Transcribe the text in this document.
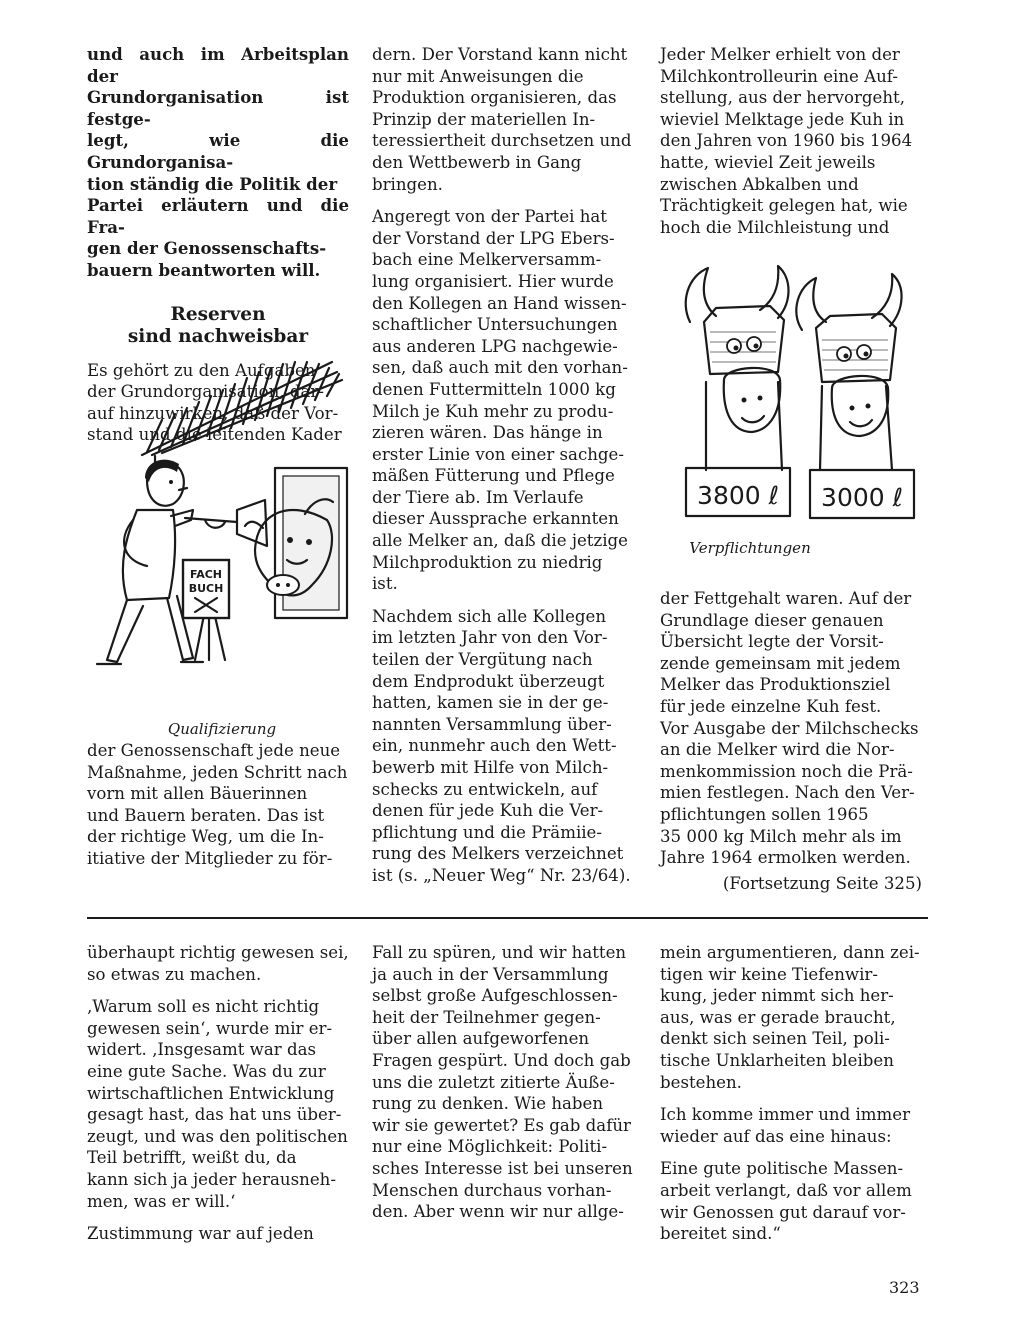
und auch im Arbeitsplan der
Grundorganisation ist festge-
legt, wie die Grundorganisa-
tion ständig die Politik der
Partei erläutern und die Fra-
gen der Genossenschafts-
bauern beantworten will.

Reserven
sind nachweisbar

Es gehört zu den Aufgaben
der Grundorganisation, dar-
auf hinzuwirken, daß der Vor-
stand und die leitenden Kader

FACH
BUCH
Qualifizierung

der Genossenschaft jede neue
Maßnahme, jeden Schritt nach
vorn mit allen Bäuerinnen
und Bauern beraten. Das ist
der richtige Weg, um die In-
itiative der Mitglieder zu för-

dern. Der Vorstand kann nicht
nur mit Anweisungen die
Produktion organisieren, das
Prinzip der materiellen In-
teressiertheit durchsetzen und
den Wettbewerb in Gang
bringen.

Angeregt von der Partei hat
der Vorstand der LPG Ebers-
bach eine Melkerversamm-
lung organisiert. Hier wurde
den Kollegen an Hand wissen-
schaftlicher Untersuchungen
aus anderen LPG nachgewie-
sen, daß auch mit den vorhan-
denen Futtermitteln 1000 kg
Milch je Kuh mehr zu produ-
zieren wären. Das hänge in
erster Linie von einer sachge-
mäßen Fütterung und Pflege
der Tiere ab. Im Verlaufe
dieser Aussprache erkannten
alle Melker an, daß die jetzige
Milchproduktion zu niedrig
ist.

Nachdem sich alle Kollegen
im letzten Jahr von den Vor-
teilen der Vergütung nach
dem Endprodukt überzeugt
hatten, kamen sie in der ge-
nannten Versammlung über-
ein, nunmehr auch den Wett-
bewerb mit Hilfe von Milch-
schecks zu entwickeln, auf
denen für jede Kuh die Ver-
pflichtung und die Prämiie-
rung des Melkers verzeichnet
ist (s. „Neuer Weg“ Nr. 23/64).

Jeder Melker erhielt von der
Milchkontrolleurin eine Auf-
stellung, aus der hervorgeht,
wieviel Melktage jede Kuh in
den Jahren von 1960 bis 1964
hatte, wieviel Zeit jeweils
zwischen Abkalben und
Trächtigkeit gelegen hat, wie
hoch die Milchleistung und

3800 ℓ 3000 ℓ
Verpflichtungen

der Fettgehalt waren. Auf der
Grundlage dieser genauen
Übersicht legte der Vorsit-
zende gemeinsam mit jedem
Melker das Produktionsziel
für jede einzelne Kuh fest.
Vor Ausgabe der Milchschecks
an die Melker wird die Nor-
menkommission noch die Prä-
mien festlegen. Nach den Ver-
pflichtungen sollen 1965
35 000 kg Milch mehr als im
Jahre 1964 ermolken werden.

(Fortsetzung Seite 325)

überhaupt richtig gewesen sei,
so etwas zu machen.

‚Warum soll es nicht richtig
gewesen sein‘, wurde mir er-
widert. ‚Insgesamt war das
eine gute Sache. Was du zur
wirtschaftlichen Entwicklung
gesagt hast, das hat uns über-
zeugt, und was den politischen
Teil betrifft, weißt du, da
kann sich ja jeder herausneh-
men, was er will.‘

Zustimmung war auf jeden

Fall zu spüren, und wir hatten
ja auch in der Versammlung
selbst große Aufgeschlossen-
heit der Teilnehmer gegen-
über allen aufgeworfenen
Fragen gespürt. Und doch gab
uns die zuletzt zitierte Äuße-
rung zu denken. Wie haben
wir sie gewertet? Es gab dafür
nur eine Möglichkeit: Politi-
sches Interesse ist bei unseren
Menschen durchaus vorhan-
den. Aber wenn wir nur allge-

mein argumentieren, dann zei-
tigen wir keine Tiefenwir-
kung, jeder nimmt sich her-
aus, was er gerade braucht,
denkt sich seinen Teil, poli-
tische Unklarheiten bleiben
bestehen.

Ich komme immer und immer
wieder auf das eine hinaus:

Eine gute politische Massen-
arbeit verlangt, daß vor allem
wir Genossen gut darauf vor-
bereitet sind.“

323
